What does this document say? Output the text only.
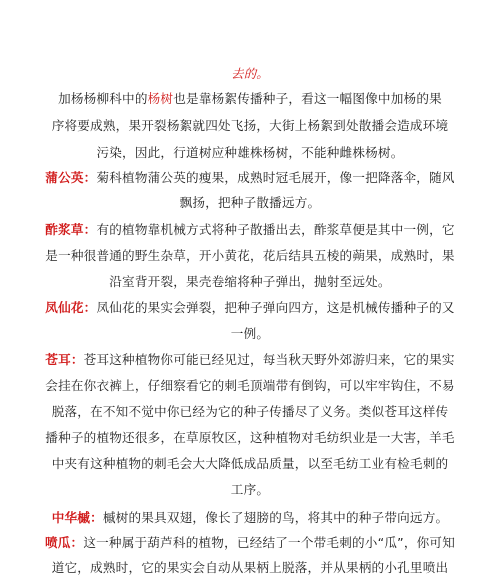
去的。
加杨杨柳科中的杨树也是靠杨絮传播种子，看这一幅图像中加杨的果
序将要成熟，果开裂杨絮就四处飞扬，大街上杨絮到处散播会造成环境
污染，因此，行道树应种雄株杨树，不能种雌株杨树。
蒲公英：菊科植物蒲公英的瘦果，成熟时冠毛展开，像一把降落伞，随风
飘扬，把种子散播远方。
酢浆草：有的植物靠机械方式将种子散播出去，酢浆草便是其中一例，它
是一种很普通的野生杂草，开小黄花，花后结具五棱的蒴果，成熟时，果
沿室背开裂，果壳卷缩将种子弹出，抛射至远处。
凤仙花：凤仙花的果实会弹裂，把种子弹向四方，这是机械传播种子的又
一例。
苍耳：苍耳这种植物你可能已经见过，每当秋天野外郊游归来，它的果实
会挂在你衣裤上，仔细察看它的刺毛顶端带有倒钩，可以牢牢钩住，不易
脱落，在不知不觉中你已经为它的种子传播尽了义务。类似苍耳这样传
播种子的植物还很多，在草原牧区，这种植物对毛纺织业是一大害，羊毛
中夹有这种植物的刺毛会大大降低成品质量，以至毛纺工业有检毛刺的
工序。
中华槭：槭树的果具双翅，像长了翅膀的鸟，将其中的种子带向远方。
喷瓜：这一种属于葫芦科的植物，已经结了一个带毛刺的小“瓜”，你可知
道它，成熟时，它的果实会自动从果柄上脱落，并从果柄的小孔里喷出
